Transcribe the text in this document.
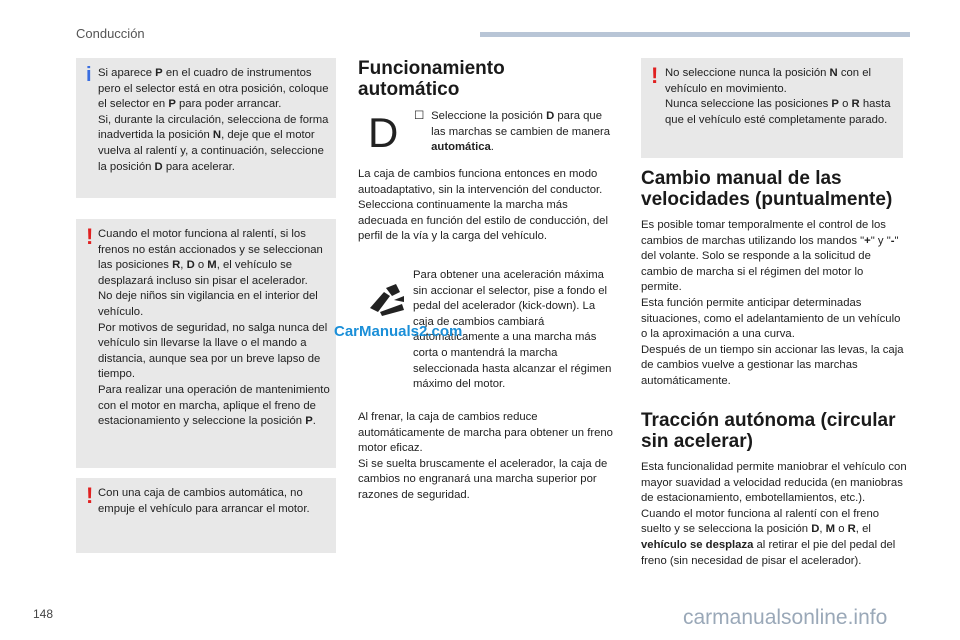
Conducción
i Si aparece P en el cuadro de instrumentos pero el selector está en otra posición, coloque el selector en P para poder arrancar.
Si, durante la circulación, selecciona de forma inadvertida la posición N, deje que el motor vuelva al ralentí y, a continuación, seleccione la posición D para acelerar.

! Cuando el motor funciona al ralentí, si los frenos no están accionados y se seleccionan las posiciones R, D o M, el vehículo se desplazará incluso sin pisar el acelerador.
No deje niños sin vigilancia en el interior del vehículo.
Por motivos de seguridad, no salga nunca del vehículo sin llevarse la llave o el mando a distancia, aunque sea por un breve lapso de tiempo.
Para realizar una operación de mantenimiento con el motor en marcha, aplique el freno de estacionamiento y seleccione la posición P.

! Con una caja de cambios automática, no empuje el vehículo para arrancar el motor.

Funcionamiento
automático
D ☐ Seleccione la posición D para que las marchas se cambien de manera automática.

La caja de cambios funciona entonces en modo autoadaptativo, sin la intervención del conductor. Selecciona continuamente la marcha más adecuada en función del estilo de conducción, del perfil de la vía y la carga del vehículo.

Para obtener una aceleración máxima sin accionar el selector, pise a fondo el pedal del acelerador (kick-down). La caja de cambios cambiará automáticamente a una marcha más corta o mantendrá la marcha seleccionada hasta alcanzar el régimen máximo del motor.

Al frenar, la caja de cambios reduce automáticamente de marcha para obtener un freno motor eficaz.
Si se suelta bruscamente el acelerador, la caja de cambios no engranará una marcha superior por razones de seguridad.

CarManuals2.com
! No seleccione nunca la posición N con el vehículo en movimiento.
Nunca seleccione las posiciones P o R hasta que el vehículo esté completamente parado.

Cambio manual de las
velocidades (puntualmente)

Es posible tomar temporalmente el control de los cambios de marchas utilizando los mandos "+" y "-" del volante. Solo se responde a la solicitud de cambio de marcha si el régimen del motor lo permite.
Esta función permite anticipar determinadas situaciones, como el adelantamiento de un vehículo o la aproximación a una curva.
Después de un tiempo sin accionar las levas, la caja de cambios vuelve a gestionar las marchas automáticamente.

Tracción autónoma (circular
sin acelerar)

Esta funcionalidad permite maniobrar el vehículo con mayor suavidad a velocidad reducida (en maniobras de estacionamiento, embotellamientos, etc.).
Cuando el motor funciona al ralentí con el freno suelto y se selecciona la posición D, M o R, el vehículo se desplaza al retirar el pie del pedal del freno (sin necesidad de pisar el acelerador).

148	carmanualsonline.info
